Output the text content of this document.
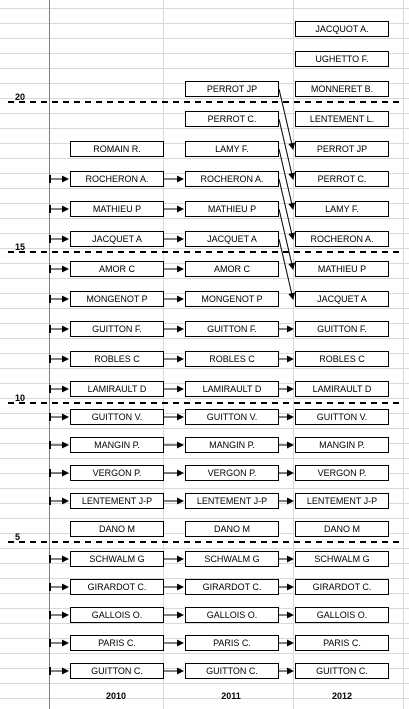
20
15
10
5
ROMAIN R.
ROCHERON A.
MATHIEU P
JACQUET A
AMOR C
MONGENOT P
GUITTON F.
ROBLES C
LAMIRAULT D
GUITTON V.
MANGIN P.
VERGON P.
LENTEMENT J-P
DANO M
SCHWALM G
GIRARDOT C.
GALLOIS O.
PARIS C.
GUITTON C.
PERROT JP
PERROT C.
LAMY F.
ROCHERON A.
MATHIEU P
JACQUET A
AMOR C
MONGENOT P
GUITTON F.
ROBLES C
LAMIRAULT D
GUITTON V.
MANGIN P.
VERGON P.
LENTEMENT J-P
DANO M
SCHWALM G
GIRARDOT C.
GALLOIS O.
PARIS C.
GUITTON C.
JACQUOT A.
UGHETTO F.
MONNERET B.
LENTEMENT L.
PERROT JP
PERROT C.
LAMY F.
ROCHERON A.
MATHIEU P
JACQUET A
GUITTON F.
ROBLES C
LAMIRAULT D
GUITTON V.
MANGIN P.
VERGON P.
LENTEMENT J-P
DANO M
SCHWALM G
GIRARDOT C.
GALLOIS O.
PARIS C.
GUITTON C.
2010	2011	2012
